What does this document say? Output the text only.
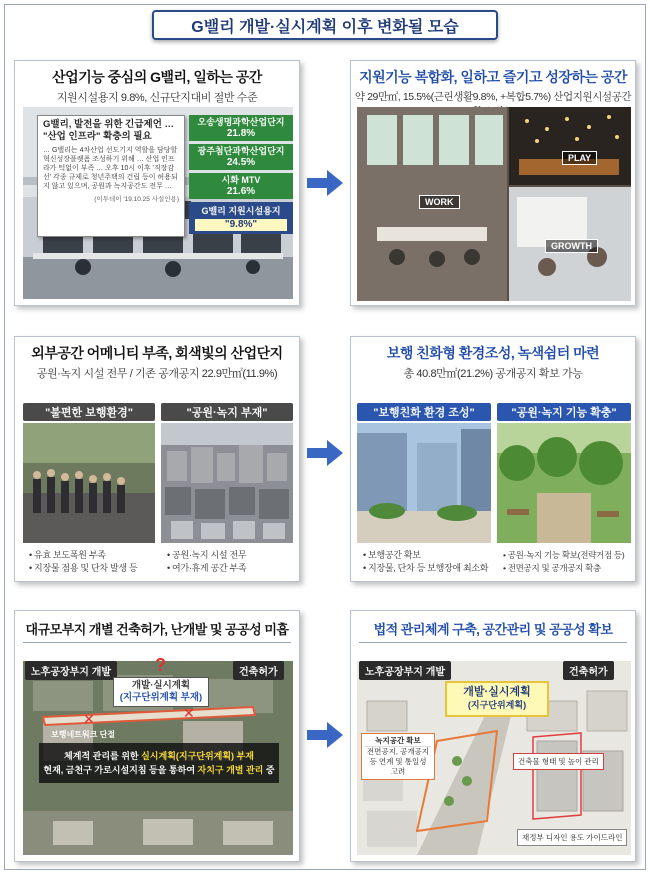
G밸리 개발·실시계획 이후 변화될 모습
산업기능 중심의 G밸리, 일하는 공간
지원시설용지 9.8%, 신규단지대비 절반 수준
G밸리, 발전을 위한 긴급제언 … "산업 인프라" 확충의 필요
… G밸리는 4차산업 선도기지 역할을 담당할 혁신성장플랫폼 조성하기 위해 … 산업 인프라가 턱없이 부족 … 오후 10시 이후 '직장감선' 각종 규제로 청년주택의 건립 등이 허용되지 않고 있으며, 공원과 녹지공간도 전무 …
(이투데이 '19.10.25 사설인용)
오송생명과학산업단지
21.8%
광주첨단과학산업단지
24.5%
시화 MTV
21.6%
G밸리 지원시설용지
"9.8%"
지원기능 복합화, 일하고 즐기고 성장하는 공간
약 29만㎡, 15.5%(근린생활9.8%, +복합5.7%) 산업지원시설공간
PLAY
WORK
GROWTH
외부공간 어메니티 부족, 회색빛의 산업단지
공원·녹지 시설 전무 / 기존 공개공지 22.9만㎡(11.9%)
"불편한 보행환경"	"공원·녹지 부재"
• 유효 보도폭원 부족
• 지장물 점용 및 단차 발생 등
• 공원·녹지 시설 전무
• 여가·휴게 공간 부족
보행 친화형 환경조성, 녹색쉼터 마련
총 40.8만㎡(21.2%) 공개공지 확보 가능
"보행친화 환경 조성"	"공원·녹지 기능 확충"
• 보행공간 확보
• 지장물, 단차 등 보행장애 최소화
• 공원·녹지 기능 확보(전략거점 등)
• 전면공지 및 공개공지 확충
대규모부지 개별 건축허가, 난개발 및 공공성 미흡
노후공장부지 개발	건축허가
?
개발·실시계획
(지구단위계획 부재)
✕	✕
보행네트워크 단절
체계적 관리를 위한 실시계획(지구단위계획) 부재
현재, 금천구 가로시설지침 등을 통하여 자치구 개별 관리 중
법적 관리체계 구축, 공간관리 및 공공성 확보
노후공장부지 개발	건축허가
개발·실시계획
(지구단위계획)
녹지공간 확보
전면공지, 공개공지 등 연계 및 통일성 고려
건축물 형태 및 높이 관리
재정부 디자인 용도 가이드라인
